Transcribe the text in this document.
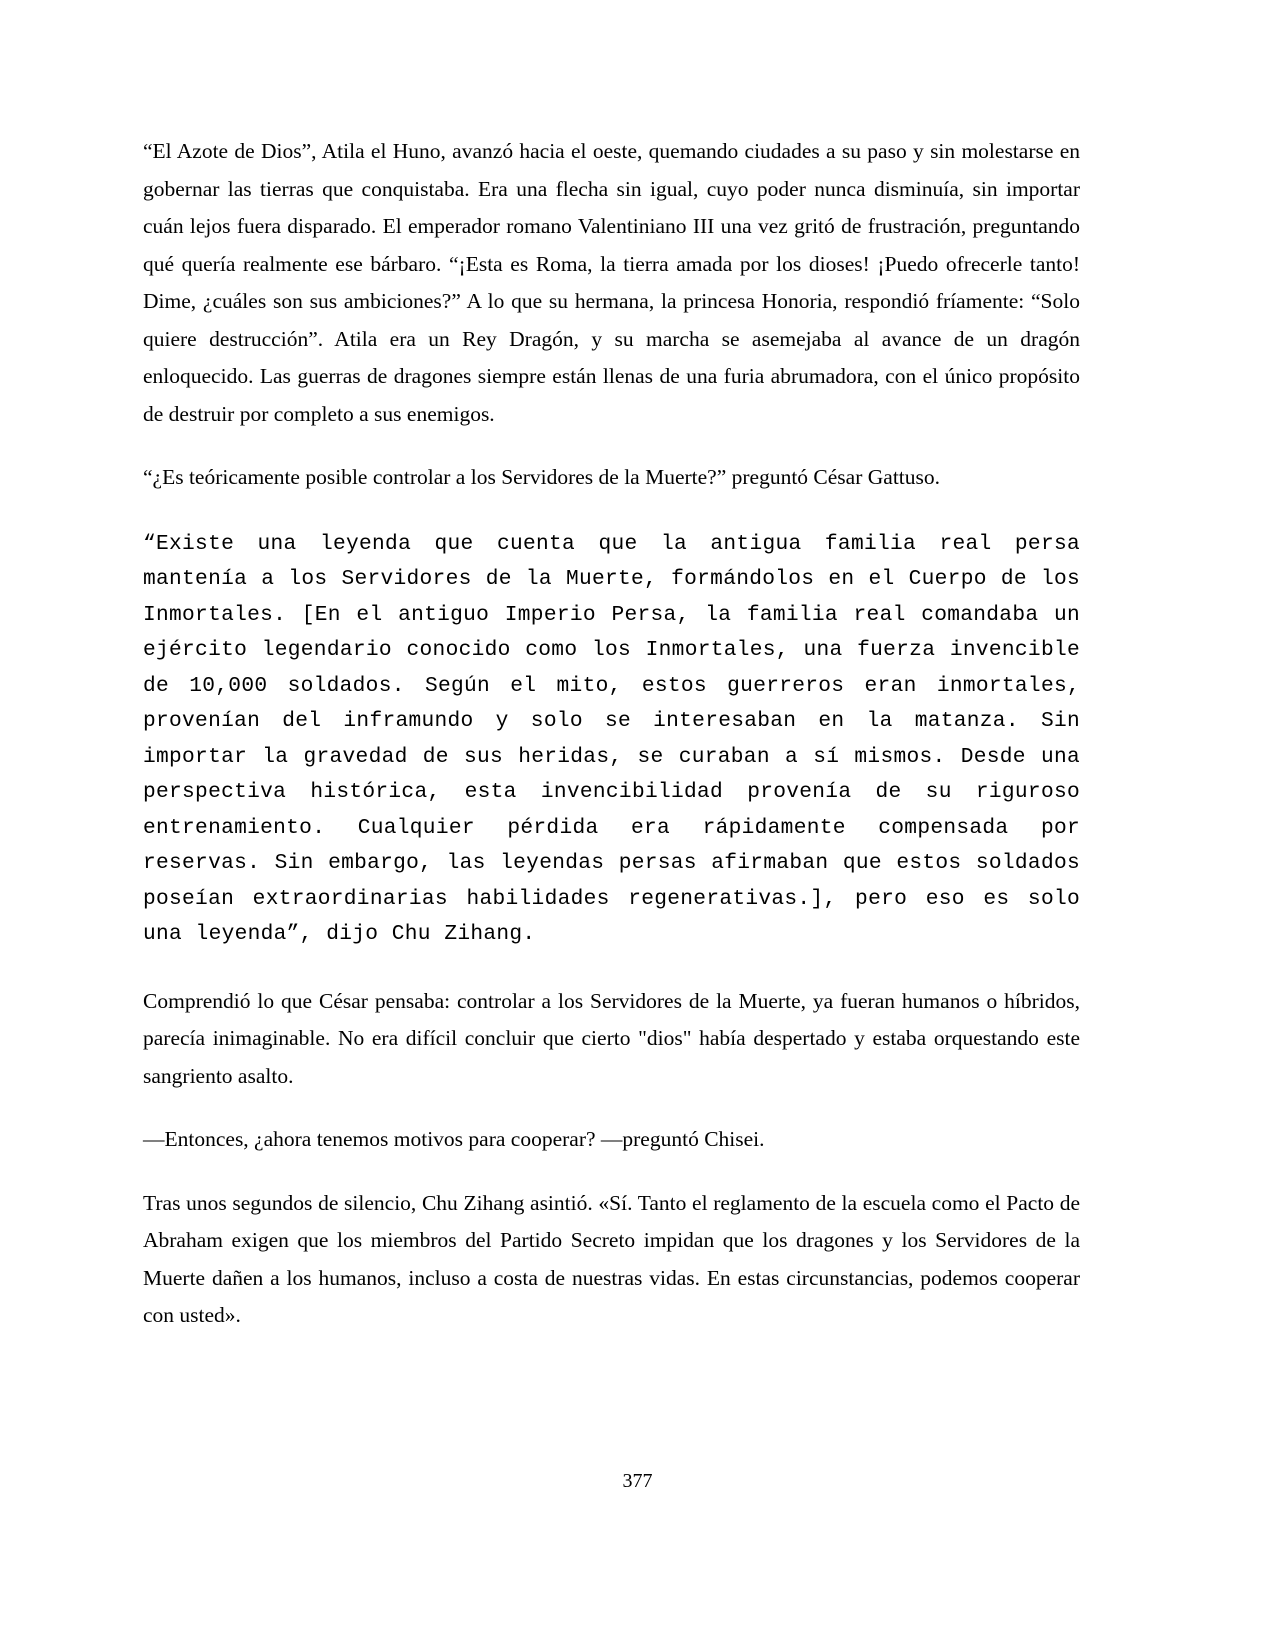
“El Azote de Dios”, Atila el Huno, avanzó hacia el oeste, quemando ciudades a su paso y sin molestarse en gobernar las tierras que conquistaba. Era una flecha sin igual, cuyo poder nunca disminuía, sin importar cuán lejos fuera disparado. El emperador romano Valentiniano III una vez gritó de frustración, preguntando qué quería realmente ese bárbaro. “¡Esta es Roma, la tierra amada por los dioses! ¡Puedo ofrecerle tanto! Dime, ¿cuáles son sus ambiciones?” A lo que su hermana, la princesa Honoria, respondió fríamente: “Solo quiere destrucción”. Atila era un Rey Dragón, y su marcha se asemejaba al avance de un dragón enloquecido. Las guerras de dragones siempre están llenas de una furia abrumadora, con el único propósito de destruir por completo a sus enemigos.

“¿Es teóricamente posible controlar a los Servidores de la Muerte?” preguntó César Gattuso.

“Existe una leyenda que cuenta que la antigua familia real persa mantenía a los Servidores de la Muerte, formándolos en el Cuerpo de los Inmortales. [En el antiguo Imperio Persa, la familia real comandaba un ejército legendario conocido como los Inmortales, una fuerza invencible de 10,000 soldados. Según el mito, estos guerreros eran inmortales, provenían del inframundo y solo se interesaban en la matanza. Sin importar la gravedad de sus heridas, se curaban a sí mismos. Desde una perspectiva histórica, esta invencibilidad provenía de su riguroso entrenamiento. Cualquier pérdida era rápidamente compensada por reservas. Sin embargo, las leyendas persas afirmaban que estos soldados poseían extraordinarias habilidades regenerativas.], pero eso es solo una leyenda”, dijo Chu Zihang.

Comprendió lo que César pensaba: controlar a los Servidores de la Muerte, ya fueran humanos o híbridos, parecía inimaginable. No era difícil concluir que cierto "dios" había despertado y estaba orquestando este sangriento asalto.

—Entonces, ¿ahora tenemos motivos para cooperar? —preguntó Chisei.

Tras unos segundos de silencio, Chu Zihang asintió. «Sí. Tanto el reglamento de la escuela como el Pacto de Abraham exigen que los miembros del Partido Secreto impidan que los dragones y los Servidores de la Muerte dañen a los humanos, incluso a costa de nuestras vidas. En estas circunstancias, podemos cooperar con usted».

377
